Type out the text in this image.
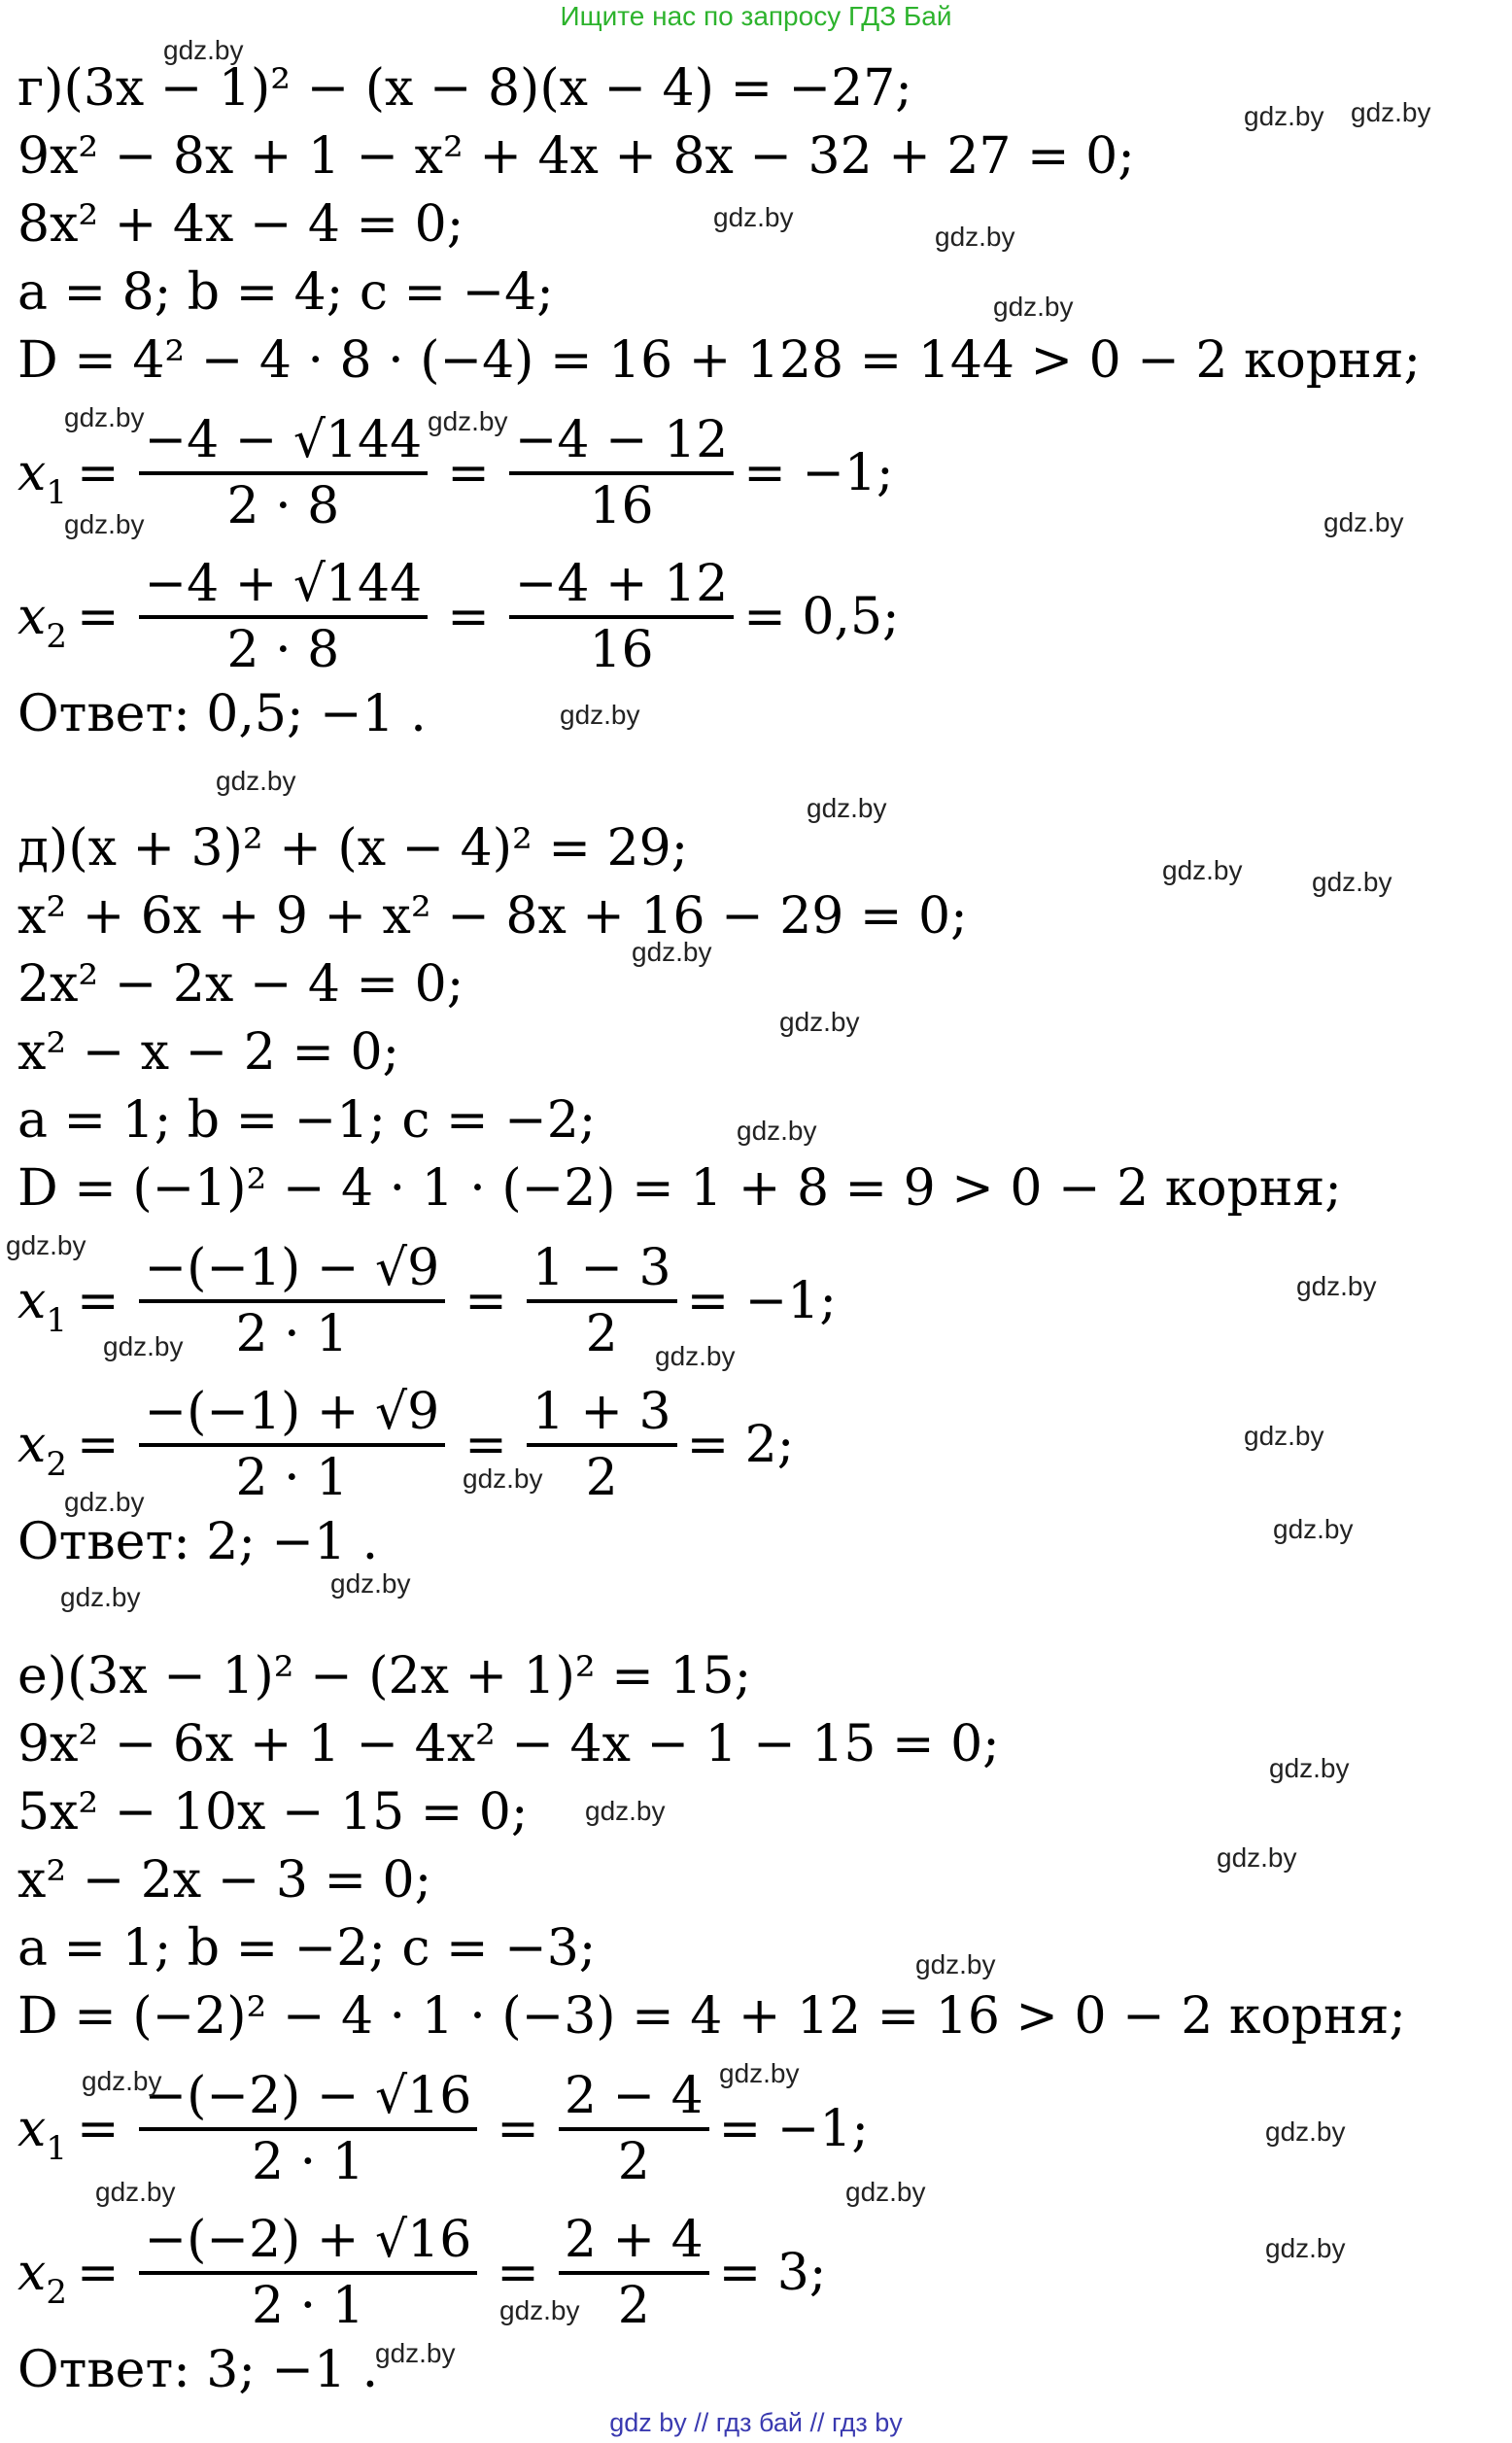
Ищите нас по запросу ГДЗ Бай
г)(3x − 1)² − (x − 8)(x − 4) = −27;
9x² − 8x + 1 − x² + 4x + 8x − 32 + 27 = 0;
8x² + 4x − 4 = 0;
a = 8; b = 4; c = −4;
D = 4² − 4 · 8 · (−4) = 16 + 128 = 144 > 0 − 2 корня;
$x_1 = \frac{-4 - √144}{2 \cdot 8} = \frac{-4 - 12}{16} = -1$;
$x_2 = \frac{-4 + √144}{2 \cdot 8} = \frac{-4 + 12}{16} = 0,5$;
Ответ: 0,5; −1 .
д)(x + 3)² + (x − 4)² = 29;
x² + 6x + 9 + x² − 8x + 16 − 29 = 0;
2x² − 2x − 4 = 0;
x² − x − 2 = 0;
a = 1; b = −1; c = −2;
D = (−1)² − 4 · 1 · (−2) = 1 + 8 = 9 > 0 − 2 корня;
$x_1 = \frac{-(-1) - √9}{2 \cdot 1} = \frac{1 - 3}{2} = -1$;
$x_2 = \frac{-(-1) + √9}{2 \cdot 1} = \frac{1 + 3}{2} = 2$;
Ответ: 2; −1 .
е)(3x − 1)² − (2x + 1)² = 15;
9x² − 6x + 1 − 4x² − 4x − 1 − 15 = 0;
5x² − 10x − 15 = 0;
x² − 2x − 3 = 0;
a = 1; b = −2; c = −3;
D = (−2)² − 4 · 1 · (−3) = 4 + 12 = 16 > 0 − 2 корня;
$x_1 = \frac{-(-2) - √16}{2 \cdot 1} = \frac{2 - 4}{2} = -1$;
$x_2 = \frac{-(-2) + √16}{2 \cdot 1} = \frac{2 + 4}{2} = 3$;
Ответ: 3; −1 .
gdz.by
gdz.by gdz.by
gdz.by
gdz.by
gdz.by
gdz.by	gdz.by
gdz.by	gdz.by
gdz.by
gdz.by
gdz.by
gdz.by	gdz.by
gdz.by
gdz.by
gdz.by
gdz.by
gdz.by
gdz.by	gdz.by
gdz.by
gdz.by
gdz.by
gdz.by
gdz.by
gdz.by
gdz.by
gdz.by
gdz.by
gdz.by
gdz.by	gdz.by
gdz.by
gdz.by	gdz.by
gdz.by
gdz.by
gdz.by
gdz by // гдз бай // гдз by
